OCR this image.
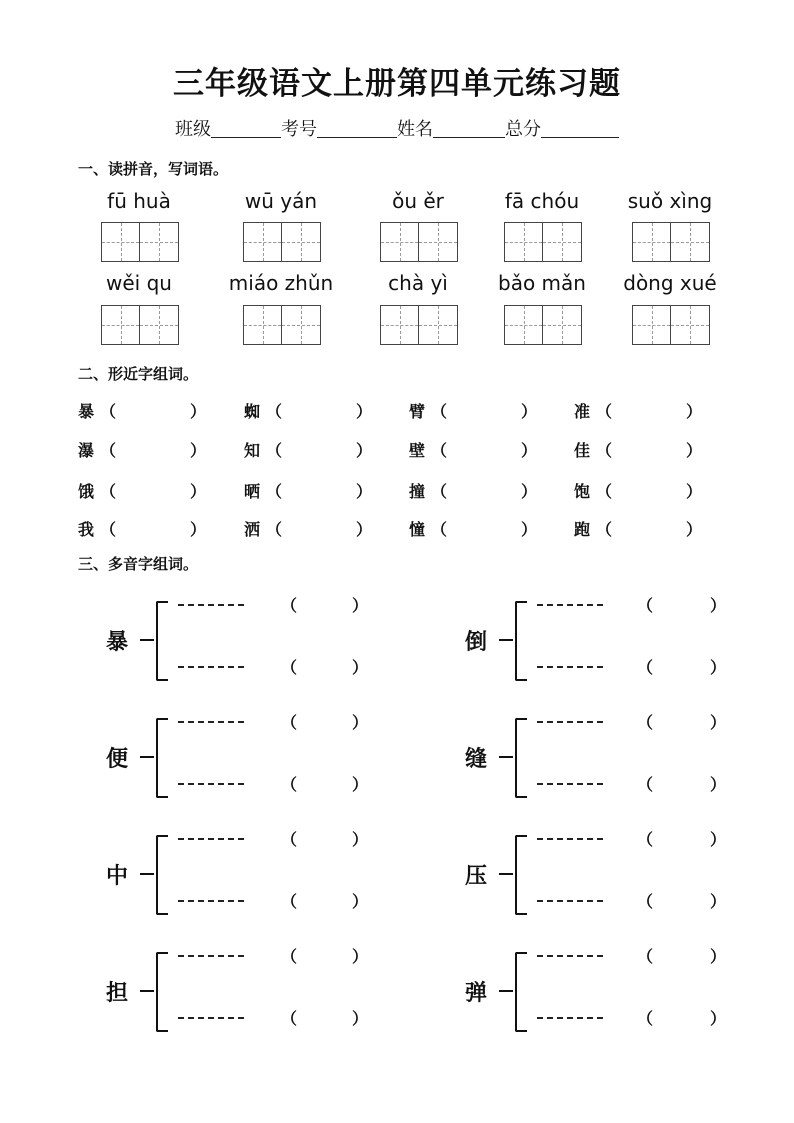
三年级语文上册第四单元练习题
班级	考号	姓名	总分
一、读拼音，写词语。
fū huà	wū yán	ǒu ěr	fā chóu	suǒ xìng
wěi qu	miáo zhǔn	chà yì	bǎo mǎn	dòng xué
二、形近字组词。
暴 （	） 蜘 （	） 臂 （	） 准 （	）
瀑 （	） 知 （	） 壁 （	） 佳 （	）
饿 （	） 晒 （	） 撞 （	） 饱 （	）
我 （	） 洒 （	） 憧 （	） 跑 （	）
三、多音字组词。
暴
（	）
（	）
倒
（	）
（	）
便
（	）
（	）
缝
（	）
（	）
中
（	）
（	）
压
（	）
（	）
担
（	）
（	）
弹
（	）
（	）
